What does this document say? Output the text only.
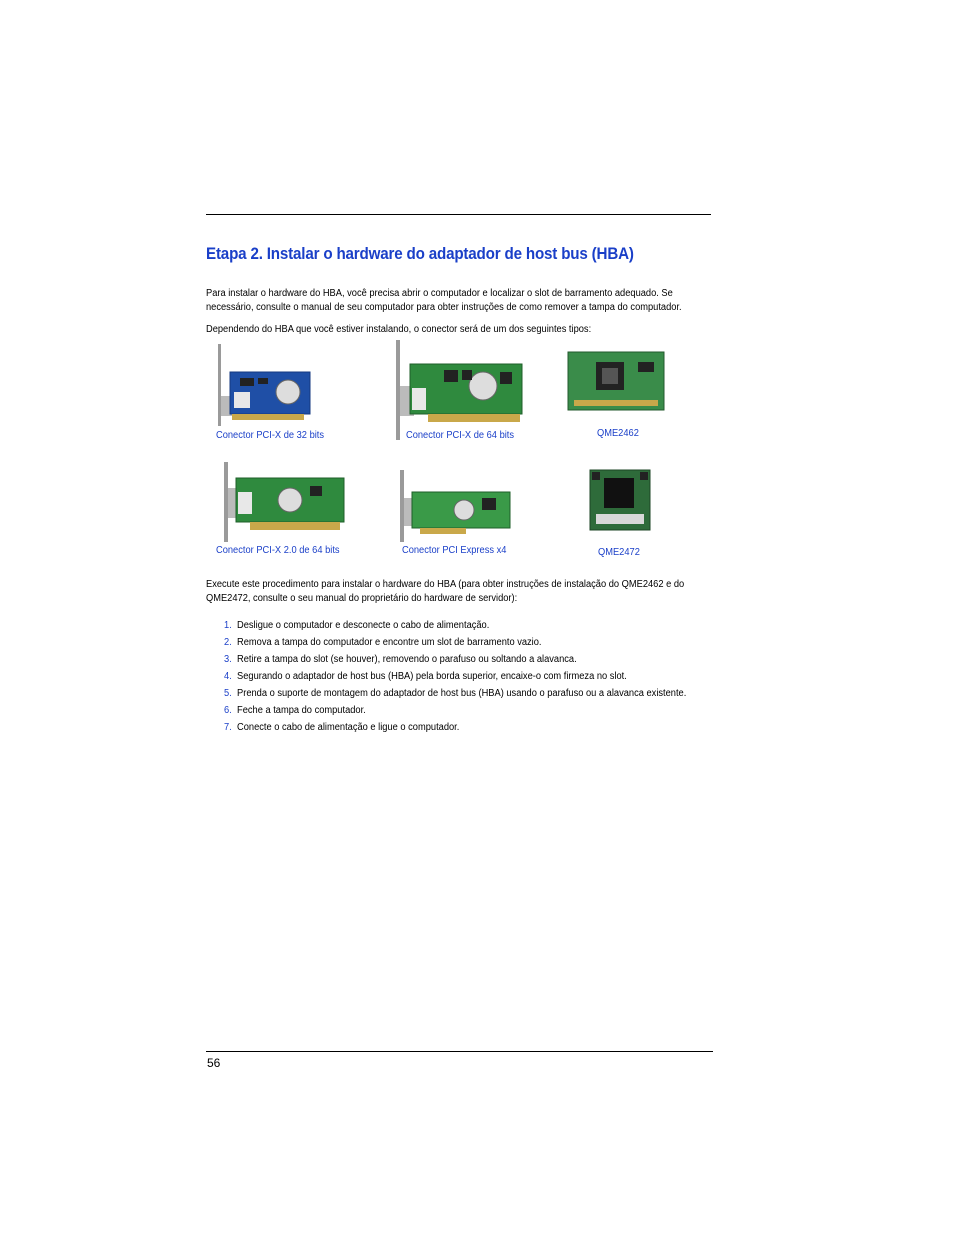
Etapa 2. Instalar o hardware do adaptador de host bus (HBA)
Para instalar o hardware do HBA, você precisa abrir o computador e localizar o slot de barramento adequado. Se necessário, consulte o manual de seu computador para obter instruções de como remover a tampa do computador.
Dependendo do HBA que você estiver instalando, o conector será de um dos seguintes tipos:
Conector PCI-X de 32 bits	Conector PCI-X de 64 bits	QME2462
Conector PCI-X 2.0 de 64 bits	Conector PCI Express x4	QME2472
Execute este procedimento para instalar o hardware do HBA (para obter instruções de instalação do QME2462 e do QME2472, consulte o seu manual do proprietário do hardware de servidor):
1. Desligue o computador e desconecte o cabo de alimentação.
2. Remova a tampa do computador e encontre um slot de barramento vazio.
3. Retire a tampa do slot (se houver), removendo o parafuso ou soltando a alavanca.
4. Segurando o adaptador de host bus (HBA) pela borda superior, encaixe-o com firmeza no slot.
5. Prenda o suporte de montagem do adaptador de host bus (HBA) usando o parafuso ou a alavanca existente.
6. Feche a tampa do computador.
7. Conecte o cabo de alimentação e ligue o computador.
56
